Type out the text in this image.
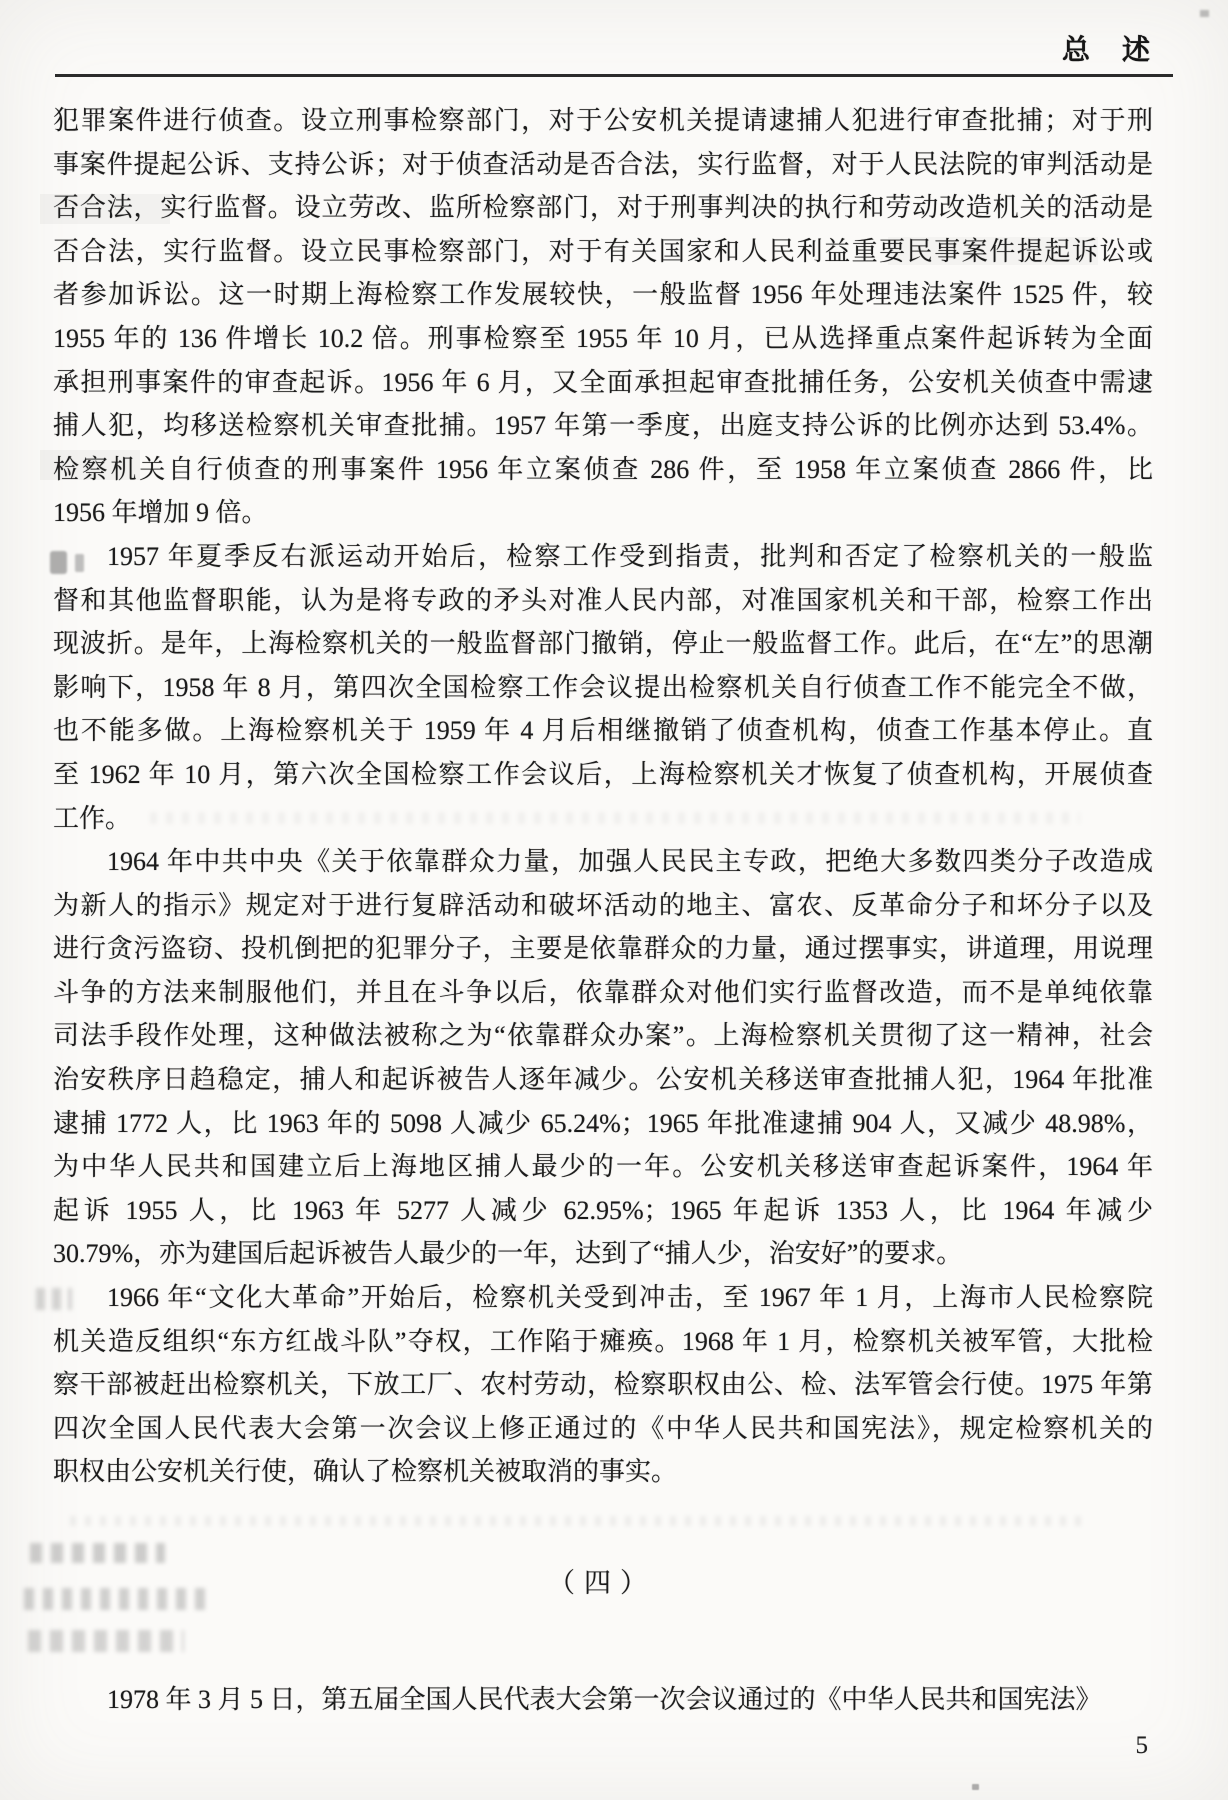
总　述
犯罪案件进行侦查。设立刑事检察部门，对于公安机关提请逮捕人犯进行审查批捕；对于刑
事案件提起公诉、支持公诉；对于侦查活动是否合法，实行监督，对于人民法院的审判活动是
否合法，实行监督。设立劳改、监所检察部门，对于刑事判决的执行和劳动改造机关的活动是
否合法，实行监督。设立民事检察部门，对于有关国家和人民利益重要民事案件提起诉讼或
者参加诉讼。这一时期上海检察工作发展较快，一般监督 1956 年处理违法案件 1525 件，较
1955 年的 136 件增长 10.2 倍。刑事检察至 1955 年 10 月，已从选择重点案件起诉转为全面
承担刑事案件的审查起诉。1956 年 6 月，又全面承担起审查批捕任务，公安机关侦查中需逮
捕人犯，均移送检察机关审查批捕。1957 年第一季度，出庭支持公诉的比例亦达到 53.4%。
检察机关自行侦查的刑事案件 1956 年立案侦查 286 件，至 1958 年立案侦查 2866 件，比
1956 年增加 9 倍。
1957 年夏季反右派运动开始后，检察工作受到指责，批判和否定了检察机关的一般监
督和其他监督职能，认为是将专政的矛头对准人民内部，对准国家机关和干部，检察工作出
现波折。是年，上海检察机关的一般监督部门撤销，停止一般监督工作。此后，在“左”的思潮
影响下，1958 年 8 月，第四次全国检察工作会议提出检察机关自行侦查工作不能完全不做，
也不能多做。上海检察机关于 1959 年 4 月后相继撤销了侦查机构，侦查工作基本停止。直
至 1962 年 10 月，第六次全国检察工作会议后，上海检察机关才恢复了侦查机构，开展侦查
工作。
1964 年中共中央《关于依靠群众力量，加强人民民主专政，把绝大多数四类分子改造成
为新人的指示》规定对于进行复辟活动和破坏活动的地主、富农、反革命分子和坏分子以及
进行贪污盗窃、投机倒把的犯罪分子，主要是依靠群众的力量，通过摆事实，讲道理，用说理
斗争的方法来制服他们，并且在斗争以后，依靠群众对他们实行监督改造，而不是单纯依靠
司法手段作处理，这种做法被称之为“依靠群众办案”。上海检察机关贯彻了这一精神，社会
治安秩序日趋稳定，捕人和起诉被告人逐年减少。公安机关移送审查批捕人犯，1964 年批准
逮捕 1772 人，比 1963 年的 5098 人减少 65.24%；1965 年批准逮捕 904 人，又减少 48.98%，
为中华人民共和国建立后上海地区捕人最少的一年。公安机关移送审查起诉案件，1964 年
起诉 1955 人，比 1963 年 5277 人减少 62.95%；1965 年起诉 1353 人，比 1964 年减少
30.79%，亦为建国后起诉被告人最少的一年，达到了“捕人少，治安好”的要求。
1966 年“文化大革命”开始后，检察机关受到冲击，至 1967 年 1 月，上海市人民检察院
机关造反组织“东方红战斗队”夺权，工作陷于瘫痪。1968 年 1 月，检察机关被军管，大批检
察干部被赶出检察机关，下放工厂、农村劳动，检察职权由公、检、法军管会行使。1975 年第
四次全国人民代表大会第一次会议上修正通过的《中华人民共和国宪法》，规定检察机关的
职权由公安机关行使，确认了检察机关被取消的事实。
（四）
1978 年 3 月 5 日，第五届全国人民代表大会第一次会议通过的《中华人民共和国宪法》
5
